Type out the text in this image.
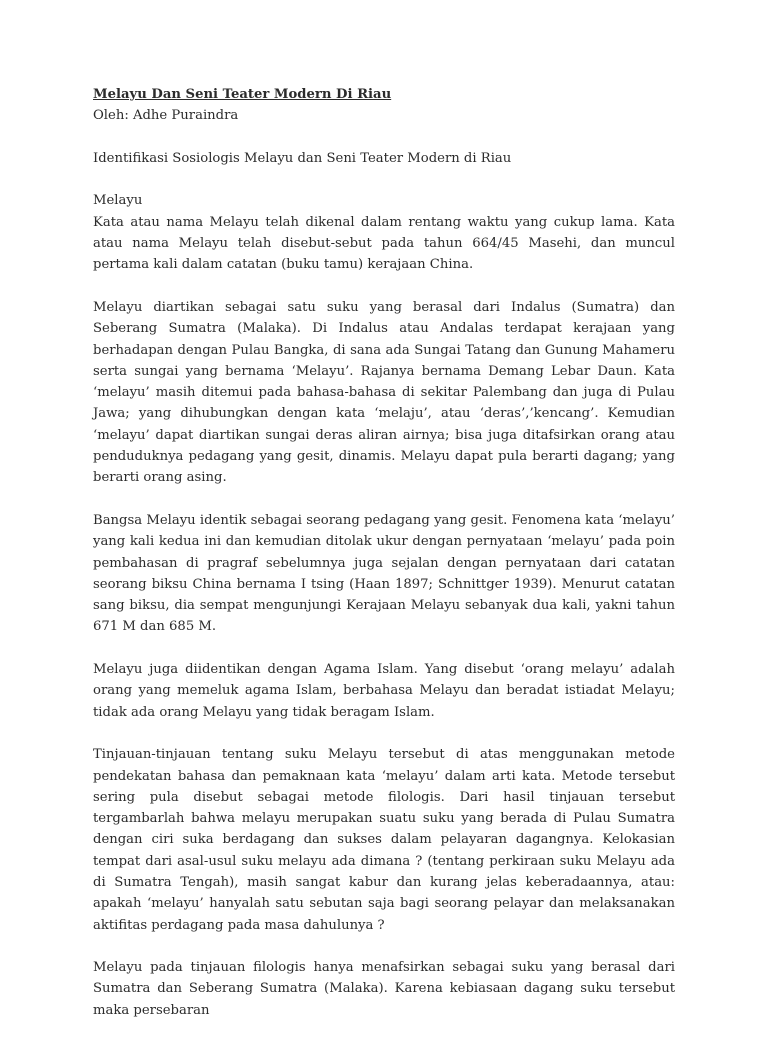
Melayu Dan Seni Teater Modern Di Riau

Oleh: Adhe Puraindra

Identifikasi Sosiologis Melayu dan Seni Teater Modern di Riau

Melayu

Kata atau nama Melayu telah dikenal dalam rentang waktu yang cukup lama. Kata atau nama Melayu telah disebut-sebut pada tahun 664/45 Masehi, dan muncul pertama kali dalam catatan (buku tamu) kerajaan China.

Melayu diartikan sebagai satu suku yang berasal dari Indalus (Sumatra) dan Seberang Sumatra (Malaka). Di Indalus atau Andalas terdapat kerajaan yang berhadapan dengan Pulau Bangka, di sana ada Sungai Tatang dan Gunung Mahameru serta sungai yang bernama ‘Melayu’. Rajanya bernama Demang Lebar Daun. Kata ‘melayu’ masih ditemui pada bahasa-bahasa di sekitar Palembang dan juga di Pulau Jawa; yang dihubungkan dengan kata ‘melaju’, atau ‘deras’,’kencang’. Kemudian ‘melayu’ dapat diartikan sungai deras aliran airnya; bisa juga ditafsirkan orang atau penduduknya pedagang yang gesit, dinamis. Melayu dapat pula berarti dagang; yang berarti orang asing.

Bangsa Melayu identik sebagai seorang pedagang yang gesit. Fenomena kata ‘melayu’ yang kali kedua ini dan kemudian ditolak ukur dengan pernyataan ‘melayu’ pada poin pembahasan di pragraf sebelumnya juga sejalan dengan pernyataan dari catatan seorang biksu China bernama I tsing (Haan 1897; Schnittger 1939). Menurut catatan sang biksu, dia sempat mengunjungi Kerajaan Melayu sebanyak dua kali, yakni tahun 671 M dan 685 M.

Melayu juga diidentikan dengan Agama Islam. Yang disebut ‘orang melayu’ adalah orang yang memeluk agama Islam, berbahasa Melayu dan beradat istiadat Melayu; tidak ada orang Melayu yang tidak beragam Islam.

Tinjauan-tinjauan tentang suku Melayu tersebut di atas menggunakan metode pendekatan bahasa dan pemaknaan kata ‘melayu’ dalam arti kata. Metode tersebut sering pula disebut sebagai metode filologis. Dari hasil tinjauan tersebut tergambarlah bahwa melayu merupakan suatu suku yang berada di Pulau Sumatra dengan ciri suka berdagang dan sukses dalam pelayaran dagangnya. Kelokasian tempat dari asal-usul suku melayu ada dimana ? (tentang perkiraan suku Melayu ada di Sumatra Tengah), masih sangat kabur dan kurang jelas keberadaannya, atau: apakah ‘melayu’ hanyalah satu sebutan saja bagi seorang pelayar dan melaksanakan aktifitas perdagang pada masa dahulunya ?

Melayu pada tinjauan filologis hanya menafsirkan sebagai suku yang berasal dari Sumatra dan Seberang Sumatra (Malaka). Karena kebiasaan dagang suku tersebut maka persebaran
